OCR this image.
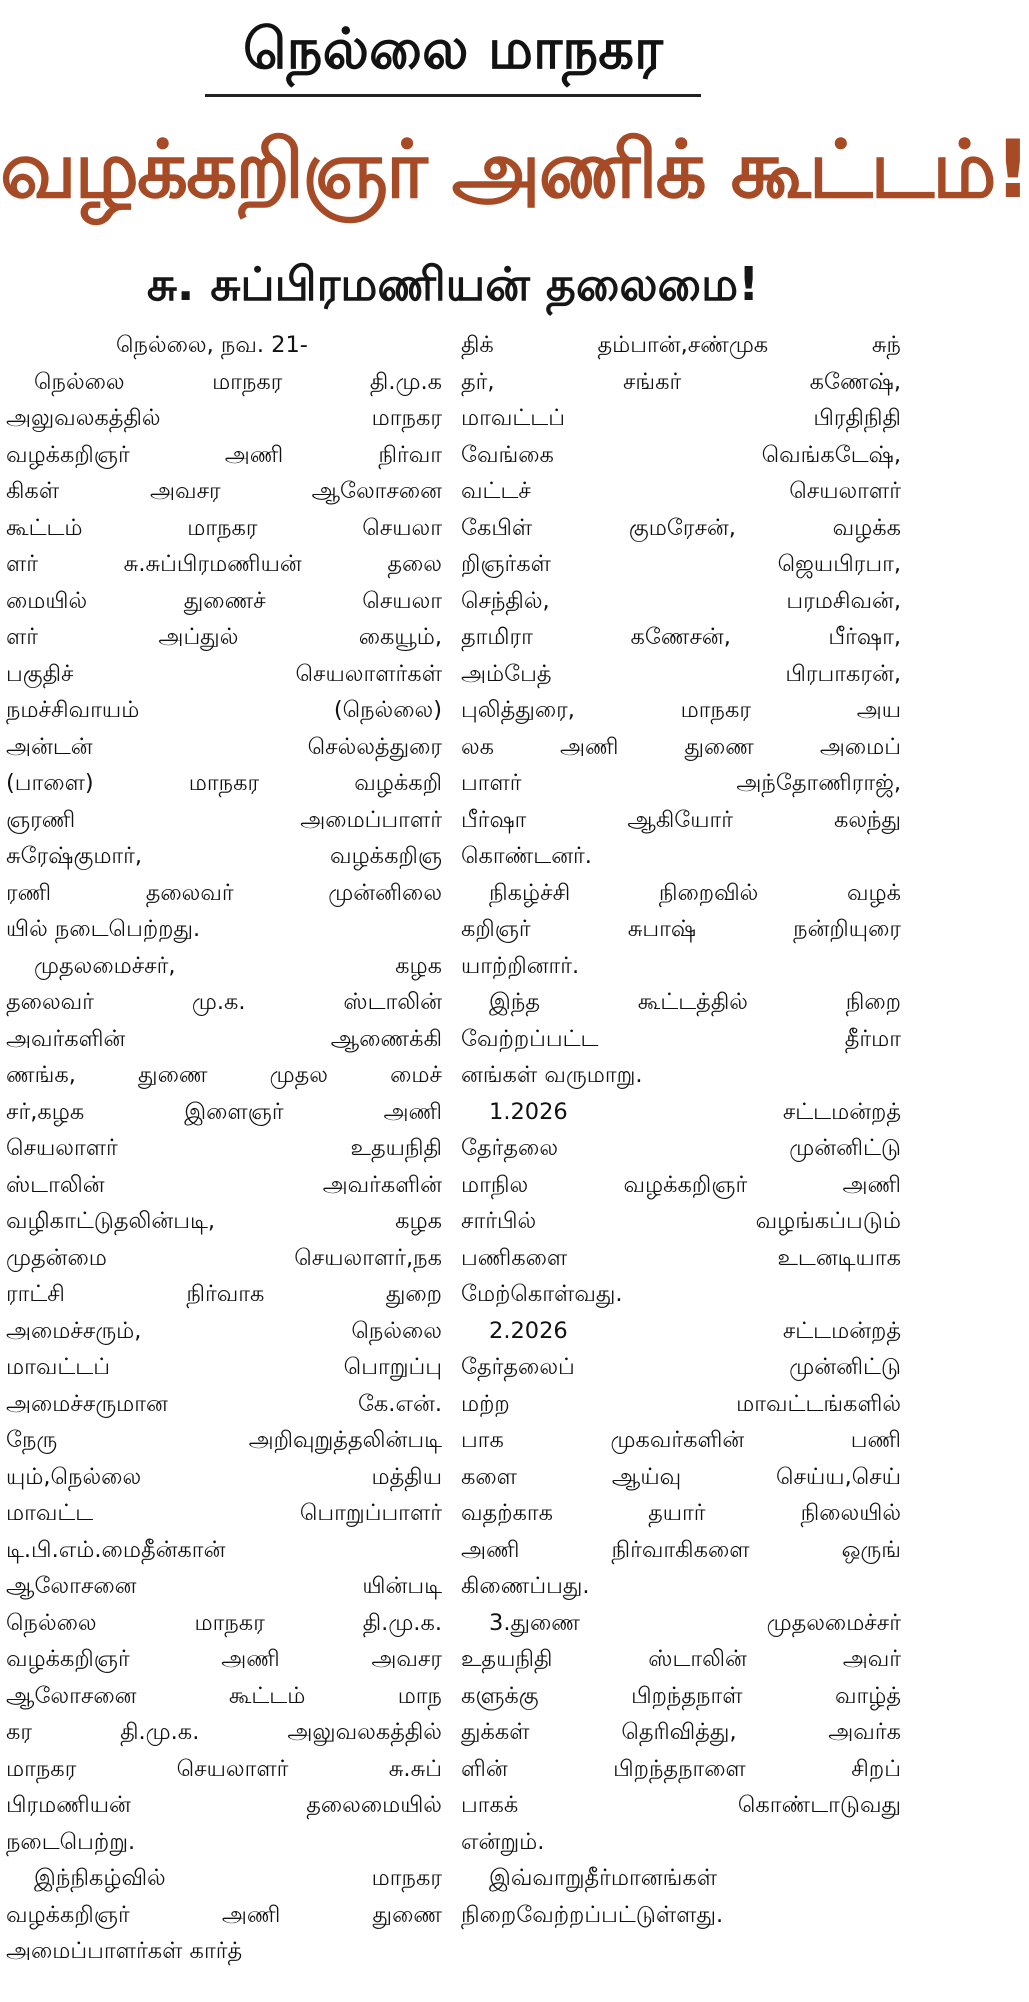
நெல்லை மாநகர
வழக்கறிஞர் அணிக் கூட்டம்!
சு. சுப்பிரமணியன் தலைமை!
நெல்லை, நவ. 21-
நெல்லை மாநகர தி.மு.க
அலுவலகத்தில் மாநகர
வழக்கறிஞர் அணி நிர்வா
கிகள் அவசர ஆலோசனை
கூட்டம் மாநகர செயலா
ளர் சு.சுப்பிரமணியன் தலை
மையில் துணைச் செயலா
ளர் அப்துல் கையூம்,
பகுதிச் செயலாளர்கள்
நமச்சிவாயம் (நெல்லை)
அன்டன் செல்லத்துரை
(பாளை) மாநகர வழக்கறி
ஞரணி அமைப்பாளர்
சுரேஷ்குமார், வழக்கறிஞ
ரணி தலைவர் முன்னிலை
யில் நடைபெற்றது.
முதலமைச்சர், கழக
தலைவர் மு.க. ஸ்டாலின்
அவர்களின் ஆணைக்கி
ணங்க, துணை முதல மைச்
சர்,கழக இளைஞர் அணி
செயலாளர் உதயநிதி
ஸ்டாலின் அவர்களின்
வழிகாட்டுதலின்படி, கழக
முதன்மை செயலாளர்,நக
ராட்சி நிர்வாக துறை
அமைச்சரும், நெல்லை
மாவட்டப் பொறுப்பு
அமைச்சருமான கே.என்.
நேரு அறிவுறுத்தலின்படி
யும்,நெல்லை மத்திய
மாவட்ட பொறுப்பாளர்
டி.பி.எம்.மைதீன்கான்
ஆலோசனை யின்படி
நெல்லை மாநகர தி.மு.க.
வழக்கறிஞர் அணி அவசர
ஆலோசனை கூட்டம் மாந
கர தி.மு.க. அலுவலகத்தில்
மாநகர செயலாளர் சு.சுப்
பிரமணியன் தலைமையில்
நடைபெற்று.
இந்நிகழ்வில் மாநகர
வழக்கறிஞர் அணி துணை
அமைப்பாளர்கள் கார்த்
திக் தம்பான்,சண்முக சுந்
தர், சங்கர் கணேஷ்,
மாவட்டப் பிரதிநிதி
வேங்கை வெங்கடேஷ்,
வட்டச் செயலாளர்
கேபிள் குமரேசன், வழக்க
றிஞர்கள் ஜெயபிரபா,
செந்தில், பரமசிவன்,
தாமிரா கணேசன், பீர்ஷா,
அம்பேத் பிரபாகரன்,
புலித்துரை, மாநகர அய
லக அணி துணை அமைப்
பாளர் அந்தோணிராஜ்,
பீர்ஷா ஆகியோர் கலந்து
கொண்டனர்.
நிகழ்ச்சி நிறைவில் வழக்
கறிஞர் சுபாஷ் நன்றியுரை
யாற்றினார்.
இந்த கூட்டத்தில் நிறை
வேற்றப்பட்ட தீர்மா
னங்கள் வருமாறு.
1.2026 சட்டமன்றத்
தேர்தலை முன்னிட்டு
மாநில வழக்கறிஞர் அணி
சார்பில் வழங்கப்படும்
பணிகளை உடனடியாக
மேற்கொள்வது.
2.2026 சட்டமன்றத்
தேர்தலைப் முன்னிட்டு
மற்ற மாவட்டங்களில்
பாக முகவர்களின் பணி
களை ஆய்வு செய்ய,செய்
வதற்காக தயார் நிலையில்
அணி நிர்வாகிகளை ஒருங்
கிணைப்பது.
3.துணை முதலமைச்சர்
உதயநிதி ஸ்டாலின் அவர்
களுக்கு பிறந்தநாள் வாழ்த்
துக்கள் தெரிவித்து, அவர்க
ளின் பிறந்தநாளை சிறப்
பாகக் கொண்டாடுவது
என்றும்.
இவ்வாறுதீர்மானங்கள்
நிறைவேற்றப்பட்டுள்ளது.
